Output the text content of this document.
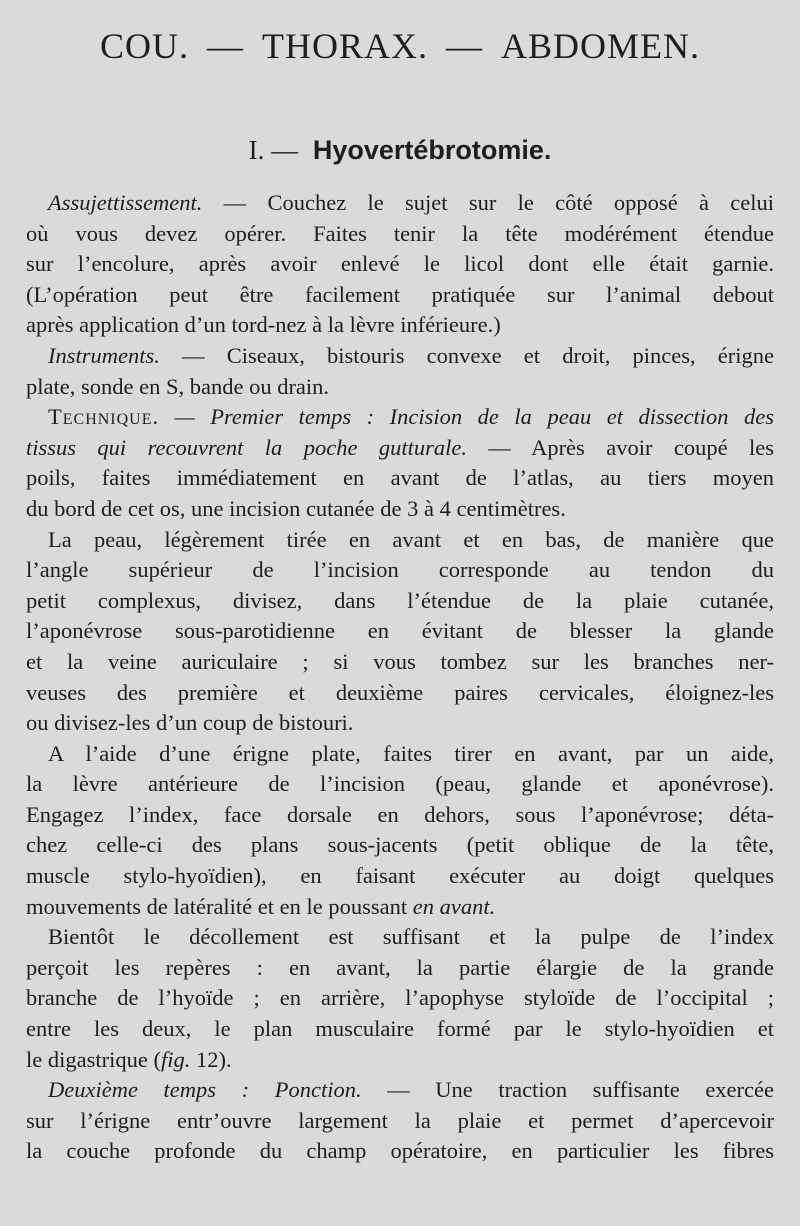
COU. — THORAX. — ABDOMEN.
I. — Hyovertébrotomie.
Assujettissement. — Couchez le sujet sur le côté opposé à celui
où vous devez opérer. Faites tenir la tête modérément étendue
sur l’encolure, après avoir enlevé le licol dont elle était garnie.
(L’opération peut être facilement pratiquée sur l’animal debout
après application d’un tord-nez à la lèvre inférieure.)
Instruments. — Ciseaux, bistouris convexe et droit, pinces, érigne
plate, sonde en S, bande ou drain.
Technique. — Premier temps : Incision de la peau et dissection des
tissus qui recouvrent la poche gutturale. — Après avoir coupé les
poils, faites immédiatement en avant de l’atlas, au tiers moyen
du bord de cet os, une incision cutanée de 3 à 4 centimètres.
La peau, légèrement tirée en avant et en bas, de manière que
l’angle supérieur de l’incision corresponde au tendon du
petit complexus, divisez, dans l’étendue de la plaie cutanée,
l’aponévrose sous-parotidienne en évitant de blesser la glande
et la veine auriculaire ; si vous tombez sur les branches ner-
veuses des première et deuxième paires cervicales, éloignez-les
ou divisez-les d’un coup de bistouri.
A l’aide d’une érigne plate, faites tirer en avant, par un aide,
la lèvre antérieure de l’incision (peau, glande et aponévrose).
Engagez l’index, face dorsale en dehors, sous l’aponévrose; déta-
chez celle-ci des plans sous-jacents (petit oblique de la tête,
muscle stylo-hyoïdien), en faisant exécuter au doigt quelques
mouvements de latéralité et en le poussant en avant.
Bientôt le décollement est suffisant et la pulpe de l’index
perçoit les repères : en avant, la partie élargie de la grande
branche de l’hyoïde ; en arrière, l’apophyse styloïde de l’occipital ;
entre les deux, le plan musculaire formé par le stylo-hyoïdien et
le digastrique (fig. 12).
Deuxième temps : Ponction. — Une traction suffisante exercée
sur l’érigne entr’ouvre largement la plaie et permet d’apercevoir
la couche profonde du champ opératoire, en particulier les fibres
